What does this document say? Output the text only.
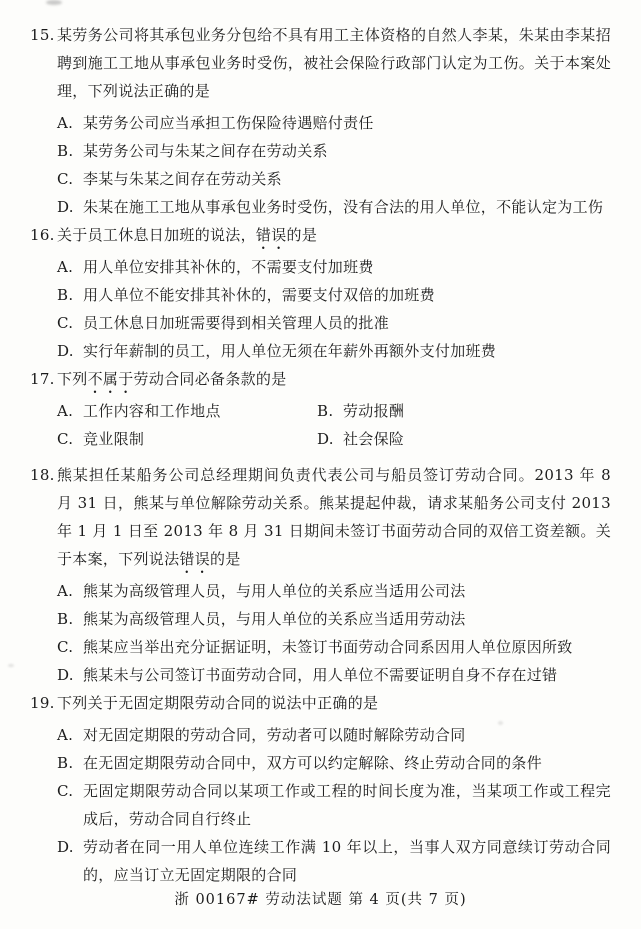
15. 某劳务公司将其承包业务分包给不具有用工主体资格的自然人李某，朱某由李某招聘到施工工地从事承包业务时受伤，被社会保险行政部门认定为工伤。关于本案处理，下列说法正确的是

A. 某劳务公司应当承担工伤保险待遇赔付责任
B. 某劳务公司与朱某之间存在劳动关系
C. 李某与朱某之间存在劳动关系
D. 朱某在施工工地从事承包业务时受伤，没有合法的用人单位，不能认定为工伤
16. 关于员工休息日加班的说法，错误的是

A. 用人单位安排其补休的，不需要支付加班费
B. 用人单位不能安排其补休的，需要支付双倍的加班费
C. 员工休息日加班需要得到相关管理人员的批准
D. 实行年薪制的员工，用人单位无须在年薪外再额外支付加班费
17. 下列不属于劳动合同必备条款的是

A. 工作内容和工作地点	B. 劳动报酬
C. 竞业限制	D. 社会保险
18. 熊某担任某船务公司总经理期间负责代表公司与船员签订劳动合同。2013 年 8 月 31 日，熊某与单位解除劳动关系。熊某提起仲裁，请求某船务公司支付 2013 年 1 月 1 日至 2013 年 8 月 31 日期间未签订书面劳动合同的双倍工资差额。关于本案，下列说法错误的是

A. 熊某为高级管理人员，与用人单位的关系应当适用公司法
B. 熊某为高级管理人员，与用人单位的关系应当适用劳动法
C. 熊某应当举出充分证据证明，未签订书面劳动合同系因用人单位原因所致
D. 熊某未与公司签订书面劳动合同，用人单位不需要证明自身不存在过错
19. 下列关于无固定期限劳动合同的说法中正确的是

A. 对无固定期限的劳动合同，劳动者可以随时解除劳动合同
B. 在无固定期限劳动合同中，双方可以约定解除、终止劳动合同的条件
C. 无固定期限劳动合同以某项工作或工程的时间长度为准，当某项工作或工程完成后，劳动合同自行终止
D. 劳动者在同一用人单位连续工作满 10 年以上，当事人双方同意续订劳动合同的，应当订立无固定期限的合同
浙 00167# 劳动法试题 第 4 页(共 7 页)
